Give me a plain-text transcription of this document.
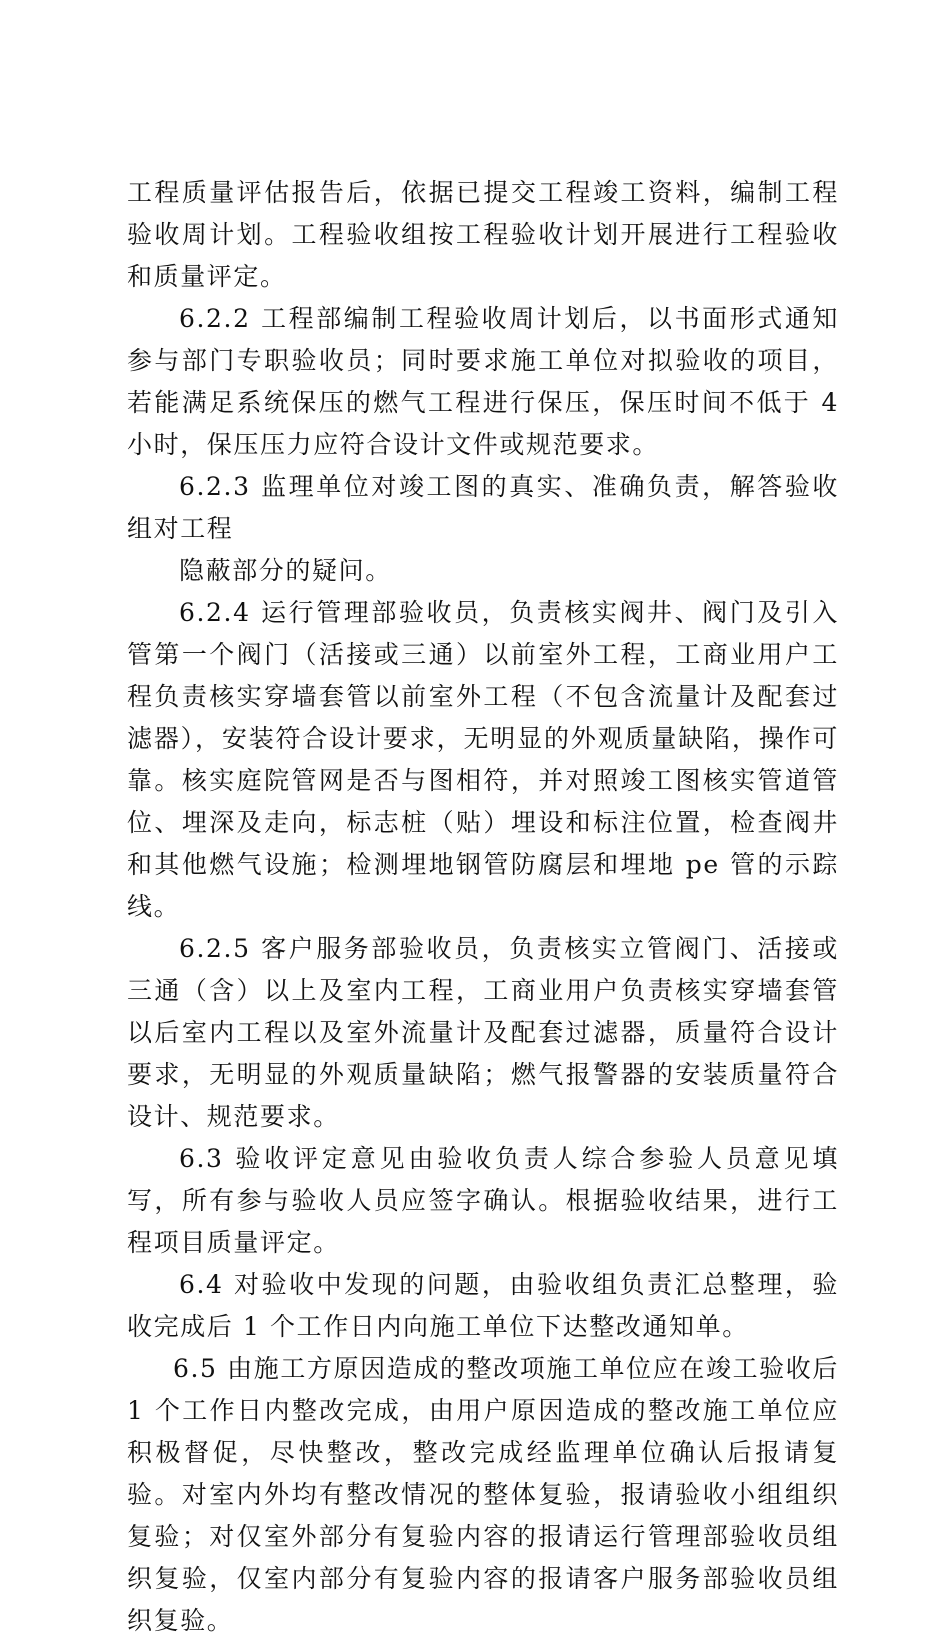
工程质量评估报告后，依据已提交工程竣工资料，编制工程验收周计划。工程验收组按工程验收计划开展进行工程验收和质量评定。

6.2.2 工程部编制工程验收周计划后，以书面形式通知参与部门专职验收员；同时要求施工单位对拟验收的项目，若能满足系统保压的燃气工程进行保压，保压时间不低于 4 小时，保压压力应符合设计文件或规范要求。

6.2.3 监理单位对竣工图的真实、准确负责，解答验收组对工程

隐蔽部分的疑问。

6.2.4 运行管理部验收员，负责核实阀井、阀门及引入管第一个阀门（活接或三通）以前室外工程，工商业用户工程负责核实穿墙套管以前室外工程（不包含流量计及配套过滤器），安装符合设计要求，无明显的外观质量缺陷，操作可靠。核实庭院管网是否与图相符，并对照竣工图核实管道管位、埋深及走向，标志桩（贴）埋设和标注位置，检查阀井和其他燃气设施；检测埋地钢管防腐层和埋地 pe 管的示踪线。

6.2.5 客户服务部验收员，负责核实立管阀门、活接或三通（含）以上及室内工程，工商业用户负责核实穿墙套管以后室内工程以及室外流量计及配套过滤器，质量符合设计要求，无明显的外观质量缺陷；燃气报警器的安装质量符合设计、规范要求。

6.3 验收评定意见由验收负责人综合参验人员意见填写，所有参与验收人员应签字确认。根据验收结果，进行工程项目质量评定。

6.4 对验收中发现的问题，由验收组负责汇总整理，验收完成后 1 个工作日内向施工单位下达整改通知单。

6.5 由施工方原因造成的整改项施工单位应在竣工验收后 1 个工作日内整改完成，由用户原因造成的整改施工单位应积极督促，尽快整改，整改完成经监理单位确认后报请复验。对室内外均有整改情况的整体复验，报请验收小组组织复验；对仅室外部分有复验内容的报请运行管理部验收员组织复验，仅室内部分有复验内容的报请客户服务部验收员组织复验。
